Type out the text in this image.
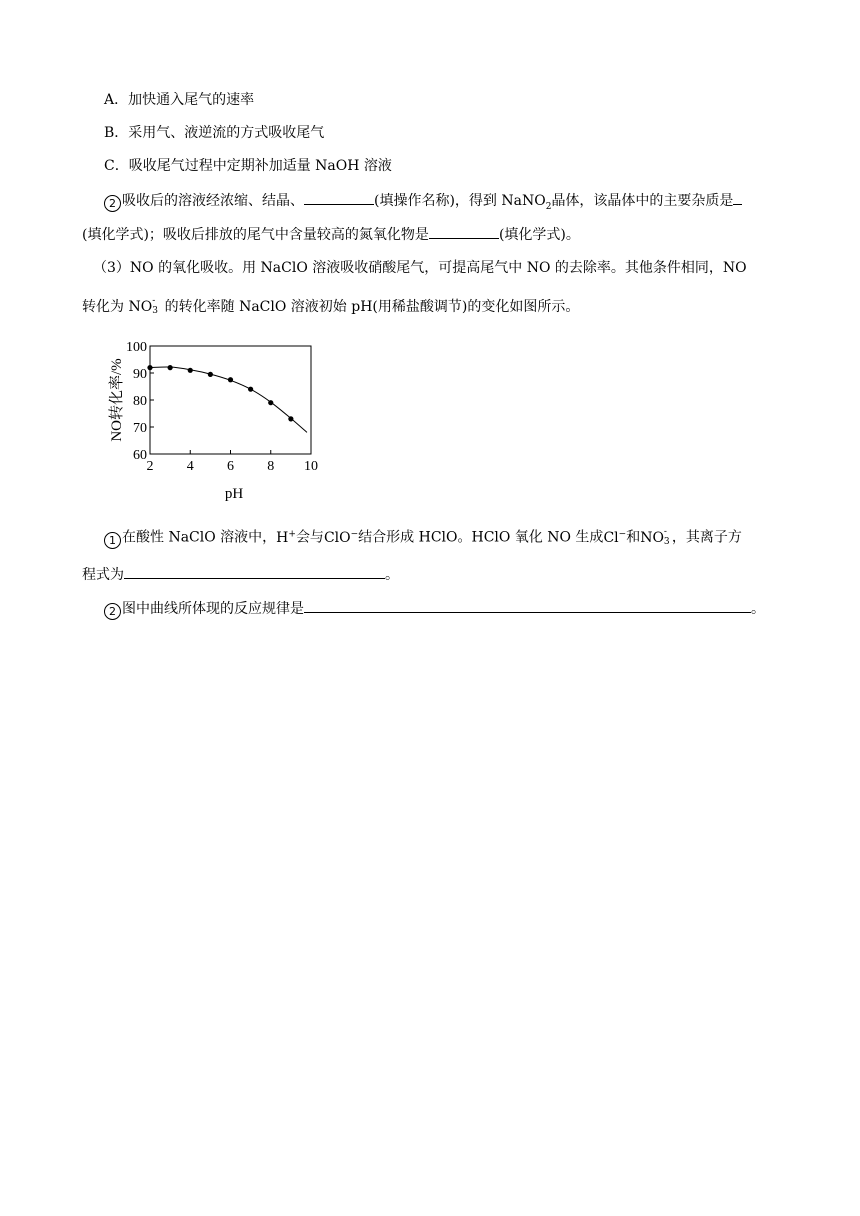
A．加快通入尾气的速率
B．采用气、液逆流的方式吸收尾气
C．吸收尾气过程中定期补加适量 NaOH 溶液
2 吸收后的溶液经浓缩、结晶、	(填操作名称)，得到 NaNO$_2$晶体，该晶体中的主要杂质是
(填化学式)；吸收后排放的尾气中含量较高的氮氧化物是	(填化学式)。
（3）NO 的氧化吸收。用 NaClO 溶液吸收硝酸尾气，可提高尾气中 NO 的去除率。其他条件相同，NO
转化为 NO -
3 的转化率随 NaClO 溶液初始 pH(用稀盐酸调节)的变化如图所示。
60
70
80
90
100
2 4 6 8 10
NO转化率/%
pH
1 在酸性 NaClO 溶液中，H+会与ClO−结合形成 HClO。HClO 氧化 NO 生成Cl−和NO -
3 ，其离子方
程式为	。
2 图中曲线所体现的反应规律是	。
